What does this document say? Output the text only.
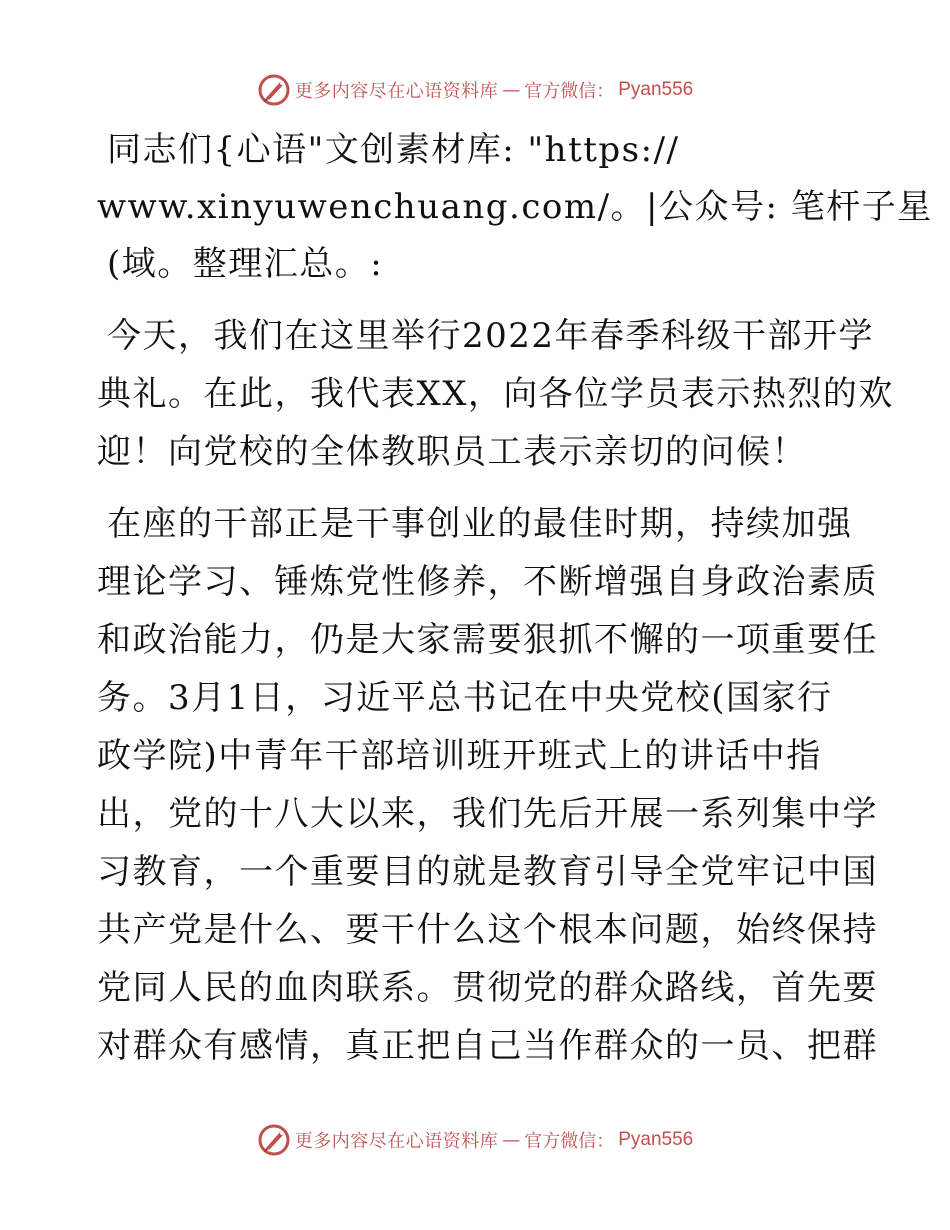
更多内容尽在心语资料库 — 官方微信： Pyan556
同志们{心语"文创素材库: "https://
www.xinyuwenchuang.com/。|公众号: 笔杆子星
(域。整理汇总。:
今天，我们在这里举行2022年春季科级干部开学
典礼。在此，我代表XX，向各位学员表示热烈的欢
迎！向党校的全体教职员工表示亲切的问候！
在座的干部正是干事创业的最佳时期，持续加强
理论学习、锤炼党性修养，不断增强自身政治素质
和政治能力，仍是大家需要狠抓不懈的一项重要任
务。3月1日，习近平总书记在中央党校(国家行
政学院)中青年干部培训班开班式上的讲话中指
出，党的十八大以来，我们先后开展一系列集中学
习教育，一个重要目的就是教育引导全党牢记中国
共产党是什么、要干什么这个根本问题，始终保持
党同人民的血肉联系。贯彻党的群众路线，首先要
对群众有感情，真正把自己当作群众的一员、把群
更多内容尽在心语资料库 — 官方微信： Pyan556
